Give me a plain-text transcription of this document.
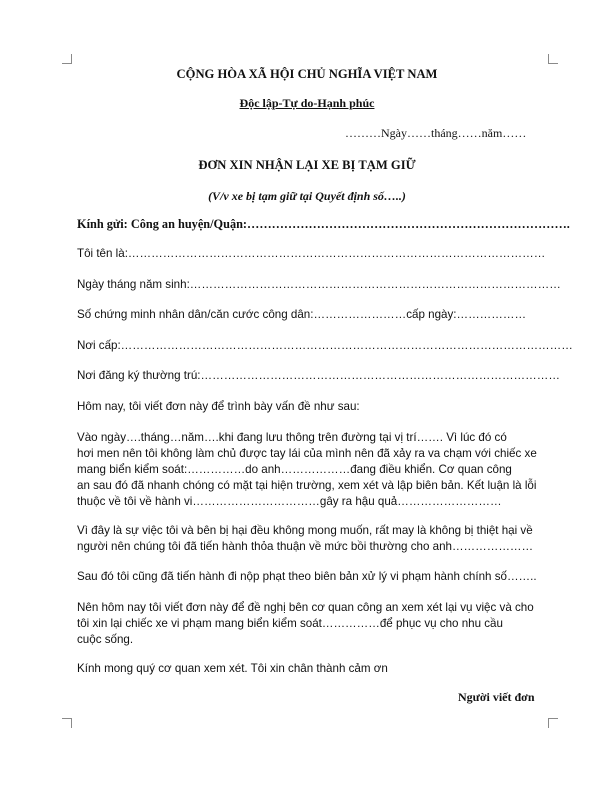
CỘNG HÒA XÃ HỘI CHỦ NGHĨA VIỆT NAM
Độc lập-Tự do-Hạnh phúc
………Ngày……tháng……năm……
ĐƠN XIN NHẬN LẠI XE BỊ TẠM GIỮ
(V/v xe bị tạm giữ tại Quyết định số…..)
Kính gửi: Công an huyện/Quận:…………………………………………………………………….
Tôi tên là:………………………………………………………………………………………………
Ngày tháng năm sinh:……………………………………………………………………………………
Số chứng minh nhân dân/căn cước công dân:……………………cấp ngày:………………
Nơi cấp:………………………………………………………………………………………………………
Nơi đăng ký thường trú:…………………………………………………………………………………
Hôm nay, tôi viết đơn này để trình bày vấn đề như sau:
Vào ngày….tháng…năm….khi đang lưu thông trên đường tại vị trí……. Vì lúc đó có
hơi men nên tôi không làm chủ được tay lái của mình nên đã xảy ra va chạm với chiếc xe
mang biển kiểm soát:……………do anh………………đang điều khiển. Cơ quan công
an sau đó đã nhanh chóng có mặt tại hiện trường, xem xét và lập biên bản. Kết luận là lỗi
thuộc về tôi về hành vi……………………………gây ra hậu quả………………………
Vì đây là sự việc tôi và bên bị hại đều không mong muốn, rất may là không bị thiệt hại về
người nên chúng tôi đã tiến hành thỏa thuận về mức bồi thường cho anh…………………
Sau đó tôi cũng đã tiến hành đi nộp phạt theo biên bản xử lý vi phạm hành chính số……..
Nên hôm nay tôi viết đơn này để đề nghị bên cơ quan công an xem xét lại vụ việc và cho
tôi xin lại chiếc xe vi phạm mang biển kiểm soát……………để phục vụ cho nhu cầu
cuộc sống.
Kính mong quý cơ quan xem xét. Tôi xin chân thành cảm ơn
Người viết đơn
